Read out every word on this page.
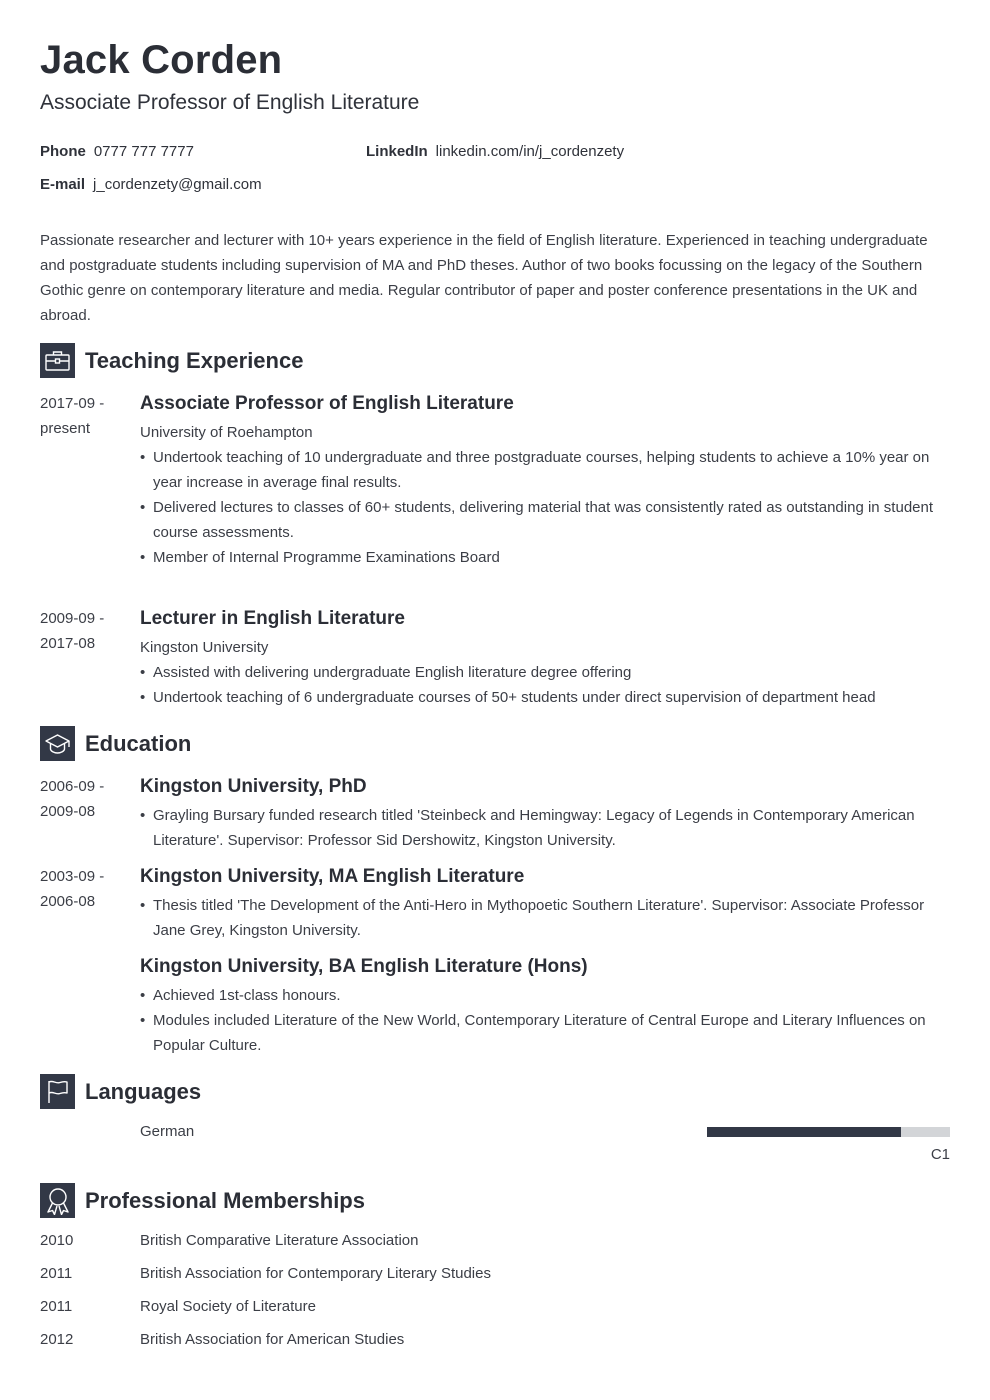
Jack Corden
Associate Professor of English Literature
Phone 0777 777 7777	LinkedIn linkedin.com/in/j_cordenzety
E-mail j_cordenzety@gmail.com

Passionate researcher and lecturer with 10+ years experience in the field of English literature. Experienced in teaching undergraduate and postgraduate students including supervision of MA and PhD theses. Author of two books focussing on the legacy of the Southern Gothic genre on contemporary literature and media. Regular contributor of paper and poster conference presentations in the UK and abroad.

Teaching Experience
2017-09 -
present
Associate Professor of English Literature
University of Roehampton
• Undertook teaching of 10 undergraduate and three postgraduate courses, helping students to achieve a 10% year on year increase in average final results.
• Delivered lectures to classes of 60+ students, delivering material that was consistently rated as outstanding in student course assessments.
• Member of Internal Programme Examinations Board
2009-09 -
2017-08
Lecturer in English Literature
Kingston University
• Assisted with delivering undergraduate English literature degree offering
• Undertook teaching of 6 undergraduate courses of 50+ students under direct supervision of department head
Education
2006-09 -
2009-08
Kingston University, PhD
• Grayling Bursary funded research titled 'Steinbeck and Hemingway: Legacy of Legends in Contemporary American Literature'. Supervisor: Professor Sid Dershowitz, Kingston University.
2003-09 -
2006-08
Kingston University, MA English Literature
• Thesis titled 'The Development of the Anti-Hero in Mythopoetic Southern Literature'. Supervisor: Associate Professor Jane Grey, Kingston University.
Kingston University, BA English Literature (Hons)
• Achieved 1st-class honours.
• Modules included Literature of the New World, Contemporary Literature of Central Europe and Literary Influences on Popular Culture.
Languages
German
C1
Professional Memberships
2010	British Comparative Literature Association
2011	British Association for Contemporary Literary Studies
2011	Royal Society of Literature
2012	British Association for American Studies
